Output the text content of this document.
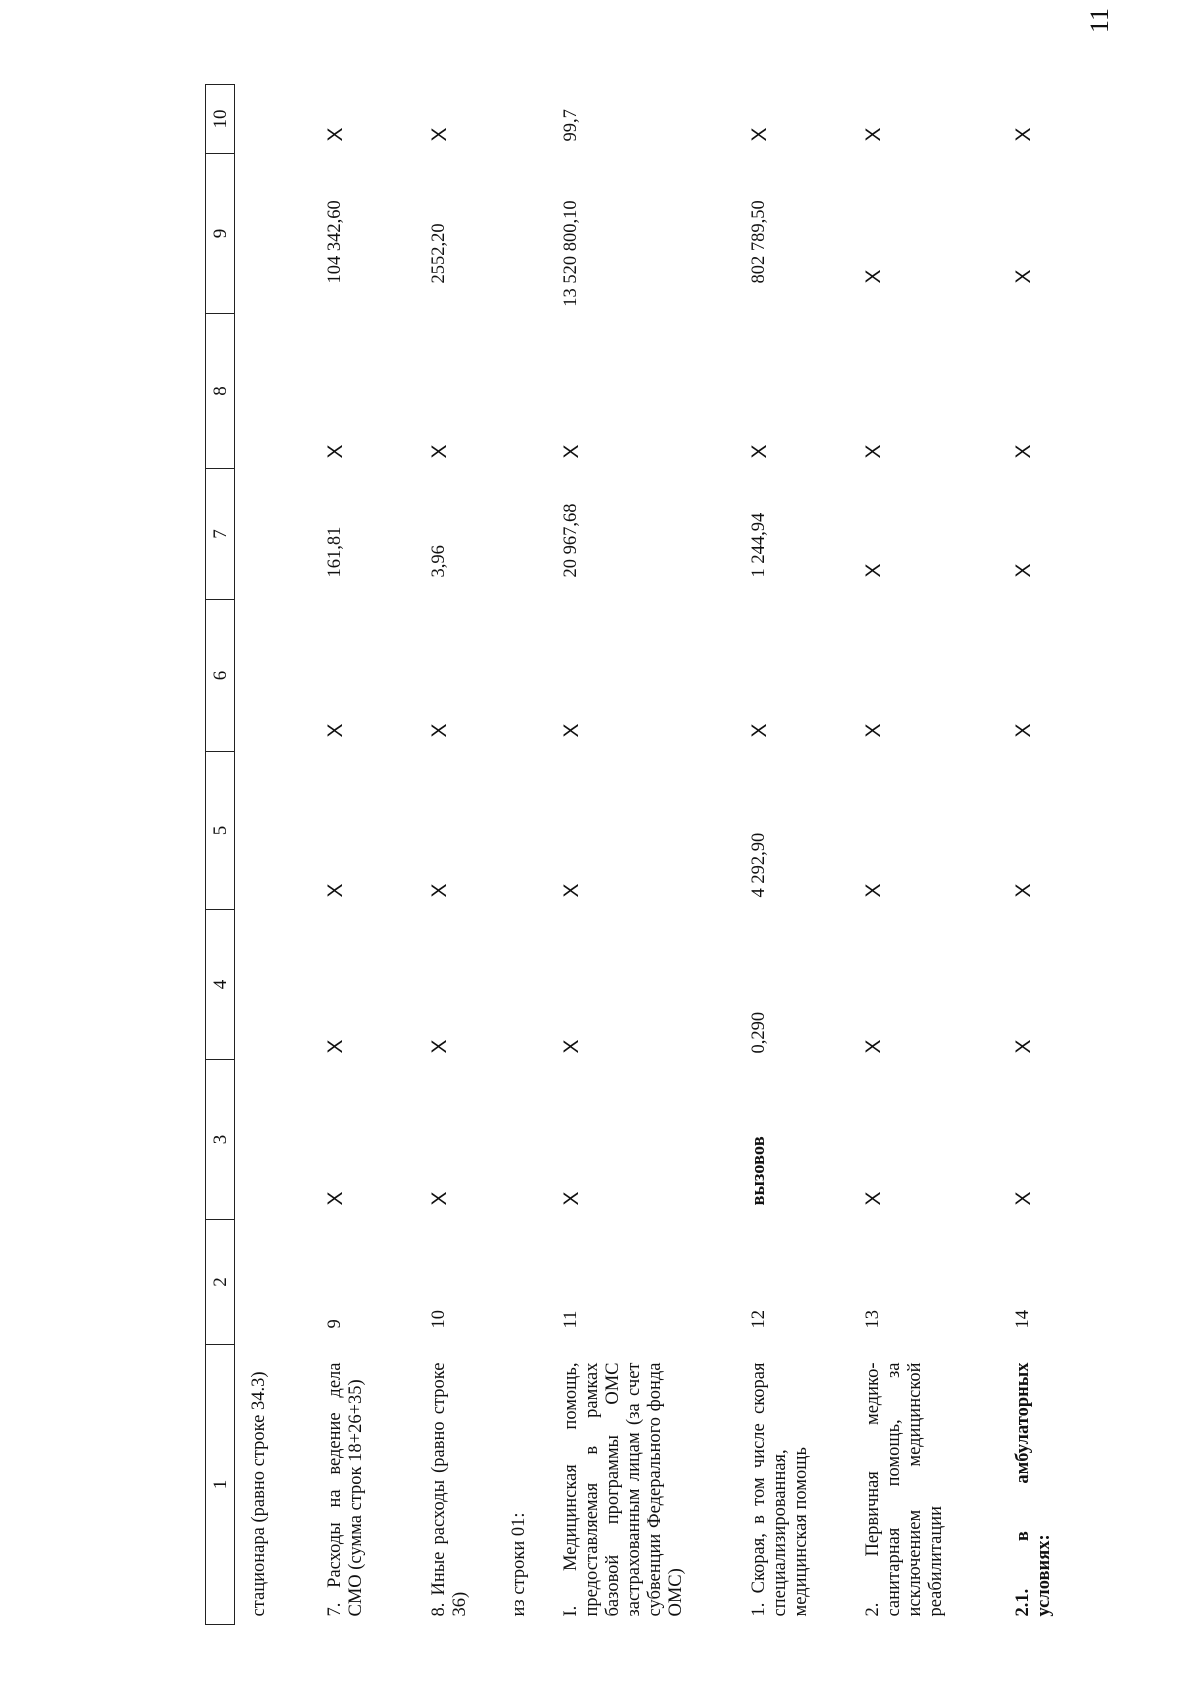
11
1	2	3	4	5	6	7	8	9	10
стационара (равно строке 34.3)									
7. Расходы на ведение дела СМО (сумма строк 18+26+35)	9	X	X	X	X	161,81	X	104 342,60	X
8. Иные расходы (равно строке 36)	10	X	X	X	X	3,96	X	2552,20	X
из строки 01:									
I. Медицинская помощь, предоставляемая в рамках базовой программы ОМС застрахованным лицам (за счет субвенции Федерального фонда ОМС)	11	X	X	X	X	20 967,68	X	13 520 800,10	99,7
1. Скорая, в том числе скорая специализированная, медицинская помощь	12	вызовов	0,290	4 292,90	X	1 244,94	X	802 789,50	X
2. Первичная медико-санитарная помощь, за исключением медицинской реабилитации	13	X	X	X	X	X	X	X	X
2.1. в амбулаторных условиях:	14	X	X	X	X	X	X	X	X
